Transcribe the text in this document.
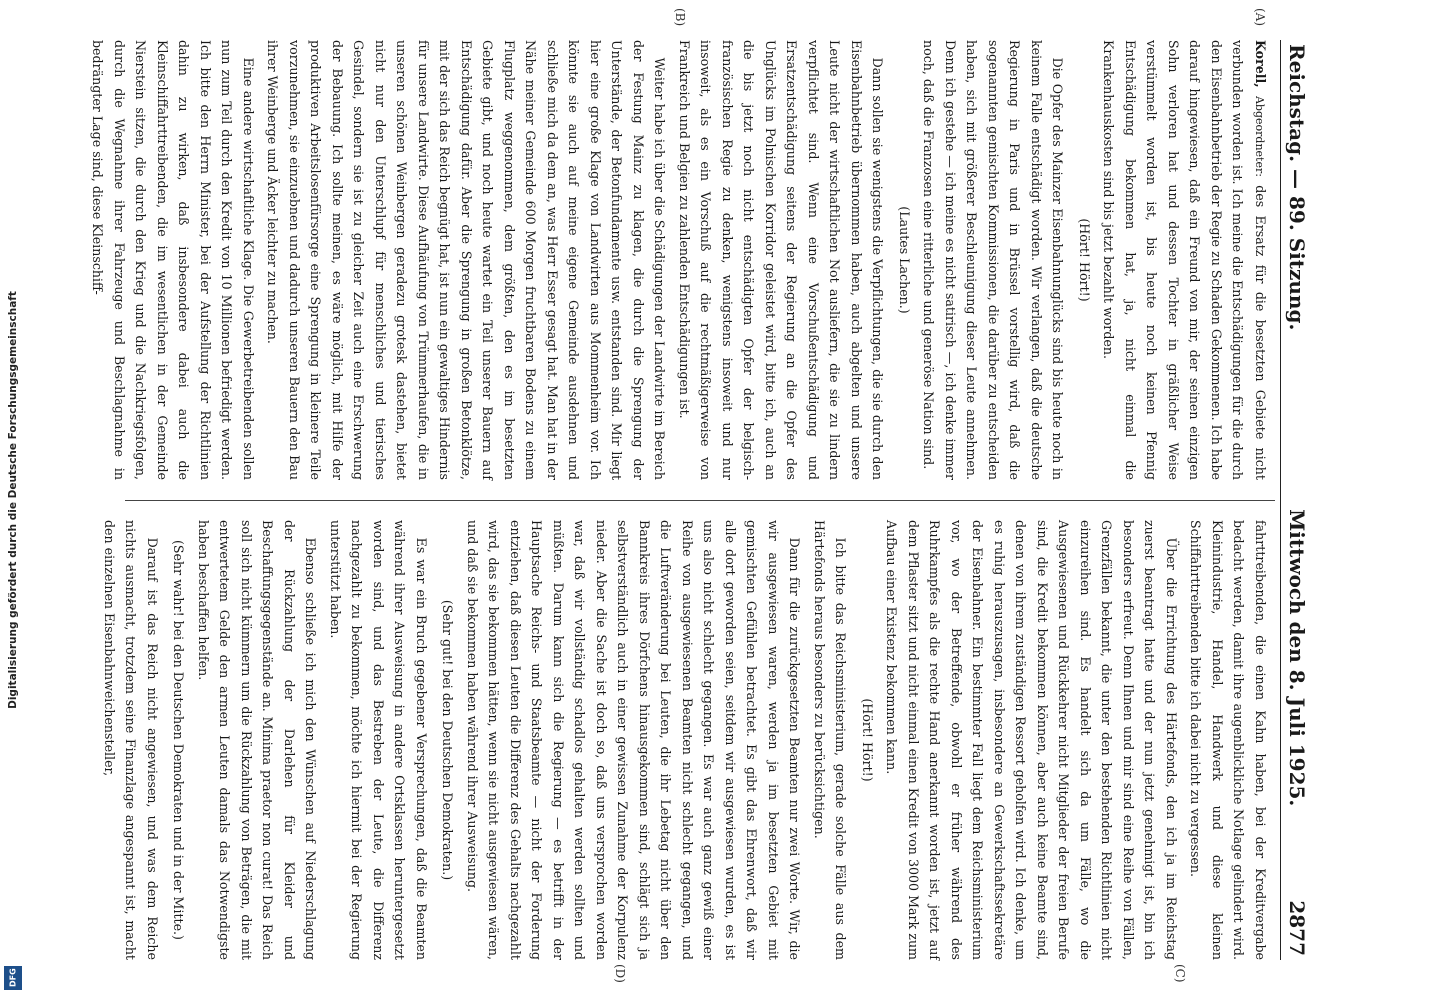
Digitalisierung gefördert durch die Deutsche Forschungsgemeinschaft
DFG
Reichstag. — 89. Sitzung.
Mittwoch den 8. Juli 1925.  2877
(A)
(B)
(C)
(D)

Korell, Abgeordneter: des Ersatz für die besetzten Gebiete nicht verbunden worden ist. Ich meine die Entschädigungen für die durch den Eisenbahnbetrieb der Regie zu Schaden Gekommenen. Ich habe darauf hingewiesen, daß ein Freund von mir, der seinen einzigen Sohn verloren hat und dessen Tochter in gräßlicher Weise verstümmelt worden ist, bis heute noch keinen Pfennig Entschädigung bekommen hat, ja, nicht einmal die Krankenhauskosten sind bis jetzt bezahlt worden.

(Hört! Hört!)

Die Opfer des Mainzer Eisenbahnunglücks sind bis heute noch in keinem Falle entschädigt worden. Wir verlangen, daß die deutsche Regierung in Paris und in Brüssel vorstellig wird, daß die sogenannten gemischten Kommissionen, die darüber zu entscheiden haben, sich mit größerer Beschleunigung dieser Leute annehmen. Denn ich gestehe — ich meine es nicht satirisch —, ich denke immer noch, daß die Franzosen eine ritterliche und generöse Nation sind.

(Lautes Lachen.)

Dann sollen sie wenigstens die Verpflichtungen, die sie durch den Eisenbahnbetrieb übernommen haben, auch abgelten und unsere Leute nicht der wirtschaftlichen Not ausliefern, die sie zu lindern verpflichtet sind. Wenn eine Vorschußentschädigung und Ersatzentschädigung seitens der Regierung an die Opfer des Unglücks im Polnischen Korridor geleistet wird, bitte ich, auch an die bis jetzt noch nicht entschädigten Opfer der belgisch-französischen Regie zu denken, wenigstens insoweit und nur insoweit, als es ein Vorschuß auf die rechtmäßigerweise von Frankreich und Belgien zu zahlenden Entschädigungen ist.

Weiter habe ich über die Schädigungen der Landwirte im Bereich der Festung Mainz zu klagen, die durch die Sprengung der Unterstände, der Betonfundamente usw. entstanden sind. Mir liegt hier eine große Klage von Landwirten aus Mommenheim vor. Ich könnte sie auch auf meine eigene Gemeinde ausdehnen und schließe mich da dem an, was Herr Esser gesagt hat. Man hat in der Nähe meiner Gemeinde 600 Morgen fruchtbaren Bodens zu einem Flugplatz weggenommen, dem größten, den es im besetzten Gebiete gibt, und noch heute wartet ein Teil unserer Bauern auf Entschädigung dafür. Aber die Sprengung in großen Betonklötze, mit der sich das Reich begnügt hat, ist nun ein gewaltiges Hindernis für unsere Landwirte. Diese Aufhäufung von Trümmerhaufen, die in unseren schönen Weinbergen geradezu grotesk dastehen, bietet nicht nur den Unterschlupf für menschliches und tierisches Gesindel, sondern sie ist zu gleicher Zeit auch eine Erschwerung der Bebauung. Ich sollte meinen, es wäre möglich, mit Hilfe der produktiven Arbeitslosenfürsorge eine Sprengung in kleinere Teile vorzunehmen, sie einzuebnen und dadurch unseren Bauern den Bau ihrer Weinberge und Äcker leichter zu machen.

Eine andere wirtschaftliche Klage. Die Gewerbetreibenden sollen nun zum Teil durch den Kredit von 10 Millionen befriedigt werden. Ich bitte den Herrn Minister, bei der Aufstellung der Richtlinien dahin zu wirken, daß insbesondere dabei auch die Kleinschiffahrttreibenden, die im wesentlichen in der Gemeinde Nierstein sitzen, die durch den Krieg und die Nachkriegsfolgen, durch die Wegnahme ihrer Fahrzeuge und Beschlagnahme in bedrängter Lage sind, diese Kleinschiff-

fahrttreibenden, die einen Kahn haben, bei der Kreditvergabe bedacht werden, damit ihre augenblickliche Notlage gelindert wird. Kleinindustrie, Handel, Handwerk und diese kleinen Schiffahrttreibenden bitte ich dabei nicht zu vergessen.

Über die Errichtung des Härtefonds, den ich ja im Reichstag zuerst beantragt hatte und der nun jetzt genehmigt ist, bin ich besonders erfreut. Denn Ihnen und mir sind eine Reihe von Fällen, Grenzfällen bekannt, die unter den bestehenden Richtlinien nicht einzureihen sind. Es handelt sich da um Fälle, wo die Ausgewiesenen und Rückkehrer nicht Mitglieder der freien Berufe sind, die Kredit bekommen können, aber auch keine Beamte sind, denen von ihrem zuständigen Ressort geholfen wird. Ich denke, um es ruhig herauszusagen, insbesondere an Gewerkschaftssekretäre der Eisenbahner. Ein bestimmter Fall liegt dem Reichsministerium vor, wo der Betreffende, obwohl er früher während des Ruhrkampfes als die rechte Hand anerkannt worden ist, jetzt auf dem Pflaster sitzt und nicht einmal einen Kredit von 3000 Mark zum Aufbau einer Existenz bekommen kann.

(Hört! Hört!)

Ich bitte das Reichsministerium, gerade solche Fälle aus dem Härtefonds heraus besonders zu berücksichtigen.

Dann für die zurückgesetzten Beamten nur zwei Worte. Wir, die wir ausgewiesen waren, werden ja im besetzten Gebiet mit gemischten Gefühlen betrachtet. Es gibt das Ehrenwort, daß wir alle dort geworden seien, seitdem wir ausgewiesen wurden, es ist uns also nicht schlecht gegangen. Es war auch ganz gewiß einer Reihe von ausgewiesenen Beamten nicht schlecht gegangen, und die Luftveränderung bei Leuten, die ihr Lebetag nicht über den Bannkreis ihres Dörfchens hinausgekommen sind, schlägt sich ja selbstverständlich auch in einer gewissen Zunahme der Korpulenz nieder. Aber die Sache ist doch so, daß uns versprochen worden war, daß wir vollständig schadlos gehalten werden sollten und müßten. Darum kann sich die Regierung — es betrifft in der Hauptsache Reichs- und Staatsbeamte — nicht der Forderung entziehen, daß diesen Leuten die Differenz des Gehalts nachgezahlt wird, das sie bekommen hätten, wenn sie nicht ausgewiesen wären, und daß sie bekommen haben während ihrer Ausweisung.

(Sehr gut! bei den Deutschen Demokraten.)

Es war ein Bruch gegebener Versprechungen, daß die Beamten während ihrer Ausweisung in andere Ortsklassen heruntergesetzt worden sind, und das Bestreben der Leute, die Differenz nachgezahlt zu bekommen, möchte ich hiermit bei der Regierung unterstützt haben.

Ebenso schließe ich mich den Wünschen auf Niederschlagung der Rückzahlung der Darlehen für Kleider und Beschaffungsgegenstände an. Minima praetor non curat! Das Reich soll sich nicht kümmern um die Rückzahlung von Beträgen, die mit entwertetem Gelde den armen Leuten damals das Notwendigste haben beschaffen helfen.

(Sehr wahr! bei den Deutschen Demokraten und in der Mitte.)

Darauf ist das Reich nicht angewiesen, und was dem Reiche nichts ausmacht, trotzdem seine Finanzlage angespannt ist, macht den einzelnen Eisenbahnweichensteller,
